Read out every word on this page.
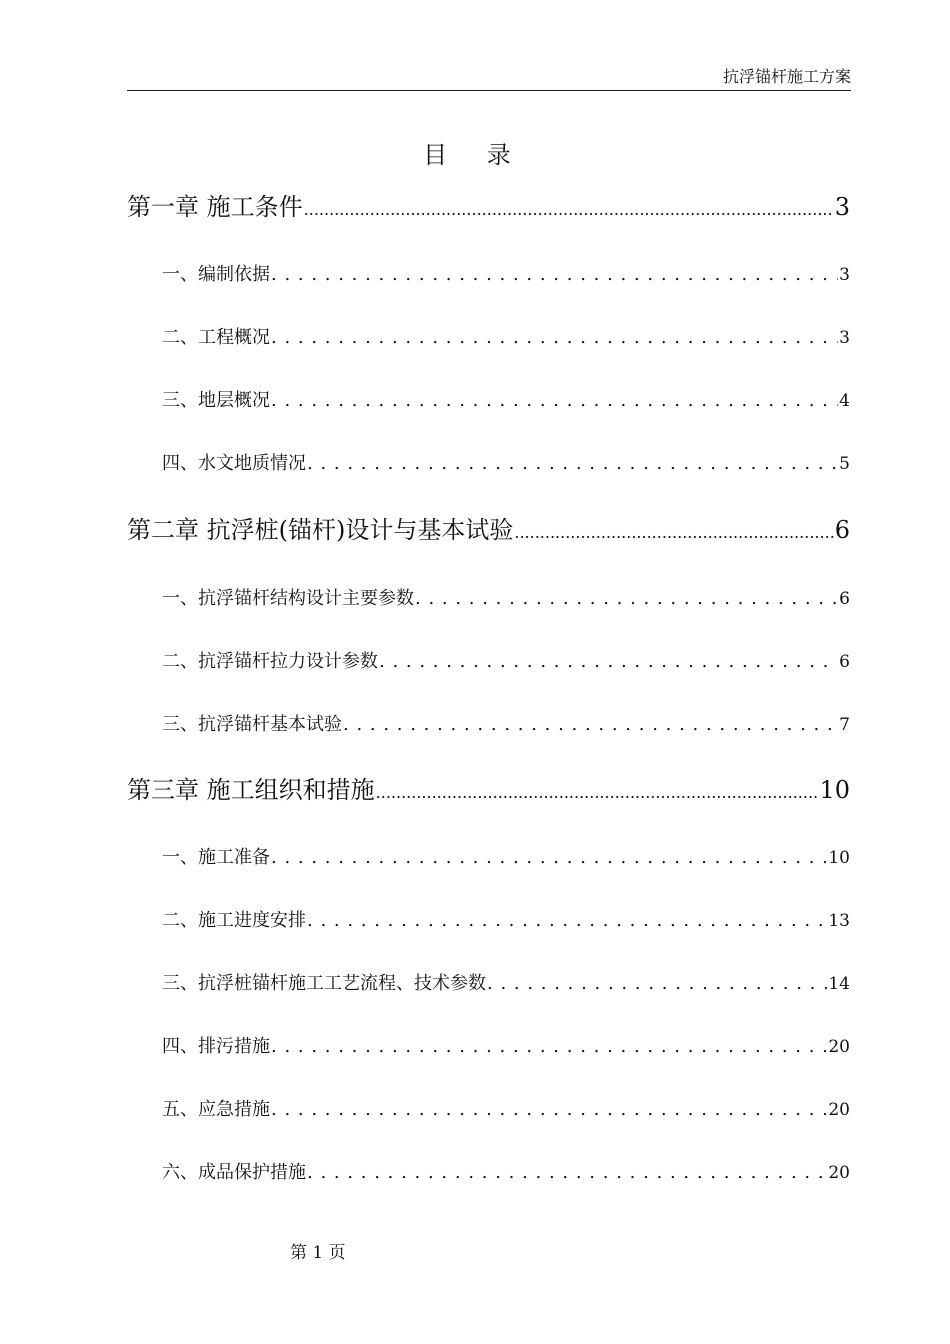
抗浮锚杆施工方案
目 录
第一章 施工条件 .....	3
一、编制依据 . . .	3
二、工程概况 . . .	3
三、地层概况 . . .	4
四、水文地质情况 . . .	5
第二章 抗浮桩(锚杆)设计与基本试验 .....	6
一、抗浮锚杆结构设计主要参数 . . .	6
二、抗浮锚杆拉力设计参数 . . .	6
三、抗浮锚杆基本试验 . . .	7
第三章 施工组织和措施 .....	10
一、施工准备 . . .	10
二、施工进度安排 . . .	13
三、抗浮桩锚杆施工工艺流程、技术参数 . . .	14
四、排污措施 . . .	20
五、应急措施 . . .	20
六、成品保护措施 . . .	20
第 1 页
